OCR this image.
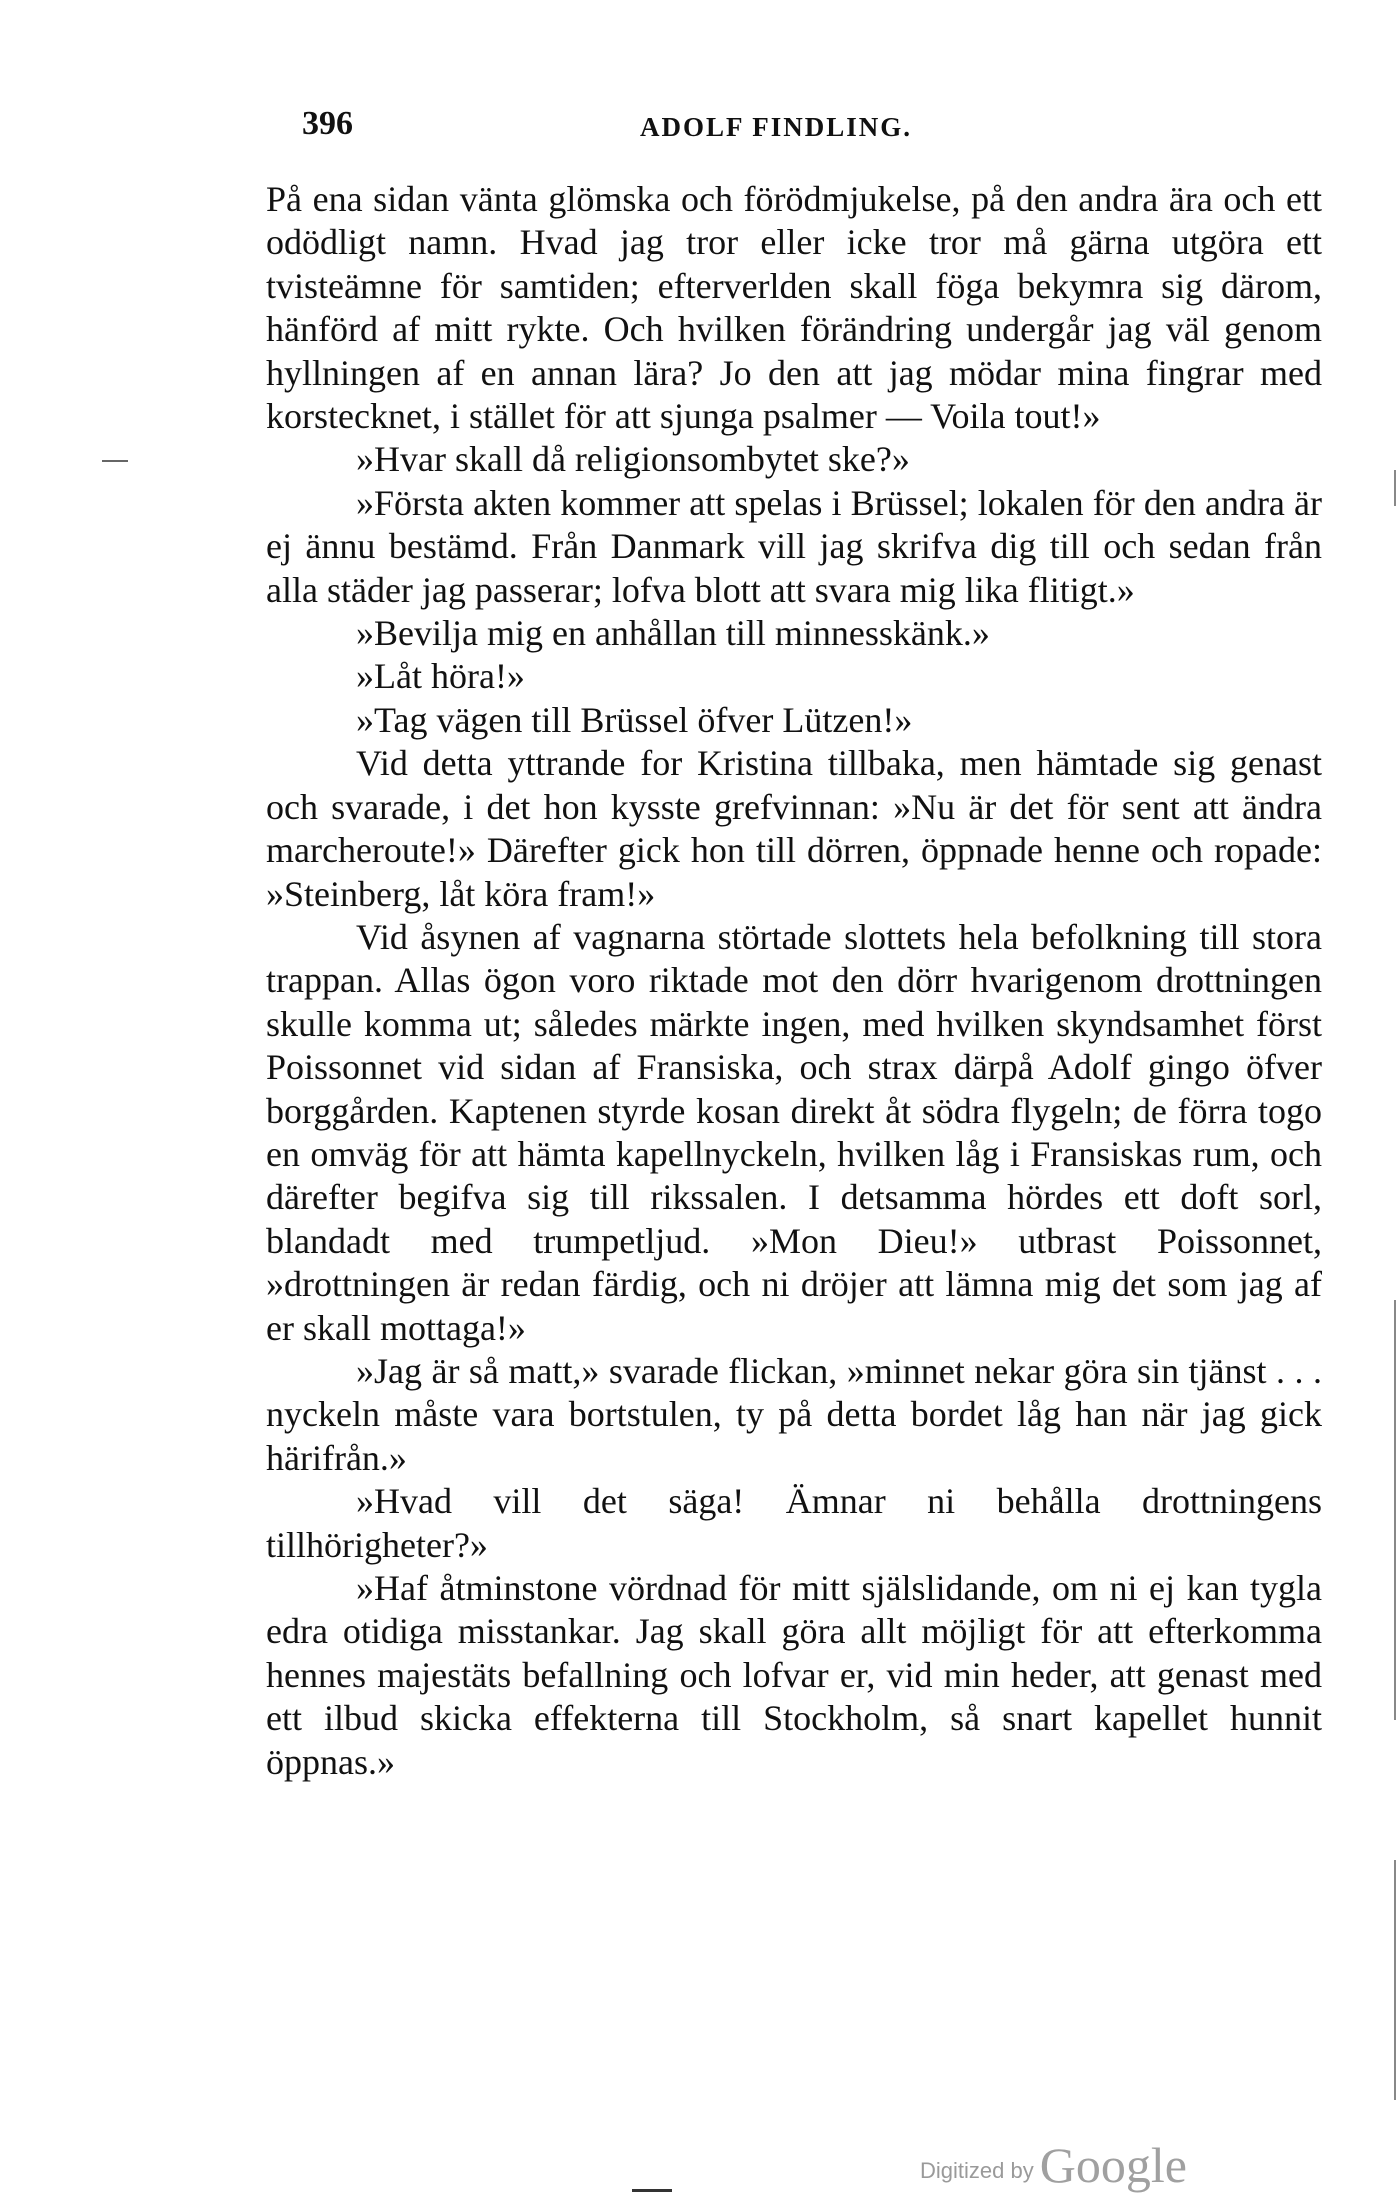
396	ADOLF FINDLING.

På ena sidan vänta glömska och förödmjukelse, på den andra ära och ett odödligt namn. Hvad jag tror eller icke tror må gärna utgöra ett tvisteämne för samtiden; efterverlden skall föga bekymra sig därom, hänförd af mitt rykte. Och hvilken förändring undergår jag väl genom hyllningen af en annan lära? Jo den att jag mödar mina fingrar med korstecknet, i stället för att sjunga psalmer — Voila tout!»

»Hvar skall då religionsombytet ske?»

»Första akten kommer att spelas i Brüssel; lokalen för den andra är ej ännu bestämd. Från Danmark vill jag skrifva dig till och sedan från alla städer jag passerar; lofva blott att svara mig lika flitigt.»

»Bevilja mig en anhållan till minnesskänk.»

»Låt höra!»

»Tag vägen till Brüssel öfver Lützen!»

Vid detta yttrande for Kristina tillbaka, men hämtade sig genast och svarade, i det hon kysste grefvinnan: »Nu är det för sent att ändra marcheroute!» Därefter gick hon till dörren, öppnade henne och ropade: »Steinberg, låt köra fram!»

Vid åsynen af vagnarna störtade slottets hela befolkning till stora trappan. Allas ögon voro riktade mot den dörr hvarigenom drottningen skulle komma ut; således märkte ingen, med hvilken skyndsamhet först Poissonnet vid sidan af Fransiska, och strax därpå Adolf gingo öfver borggården. Kaptenen styrde kosan direkt åt södra flygeln; de förra togo en omväg för att hämta kapellnyckeln, hvilken låg i Fransiskas rum, och därefter begifva sig till rikssalen. I detsamma hördes ett doft sorl, blandadt med trumpetljud. »Mon Dieu!» utbrast Poissonnet, »drottningen är redan färdig, och ni dröjer att lämna mig det som jag af er skall mottaga!»

»Jag är så matt,» svarade flickan, »minnet nekar göra sin tjänst . . . nyckeln måste vara bortstulen, ty på detta bordet låg han när jag gick härifrån.»

»Hvad vill det säga! Ämnar ni behålla drottningens tillhörigheter?»

»Haf åtminstone vördnad för mitt själslidande, om ni ej kan tygla edra otidiga misstankar. Jag skall göra allt möjligt för att efterkomma hennes majestäts befallning och lofvar er, vid min heder, att genast med ett ilbud skicka effekterna till Stockholm, så snart kapellet hunnit öppnas.»

Digitized by Google
